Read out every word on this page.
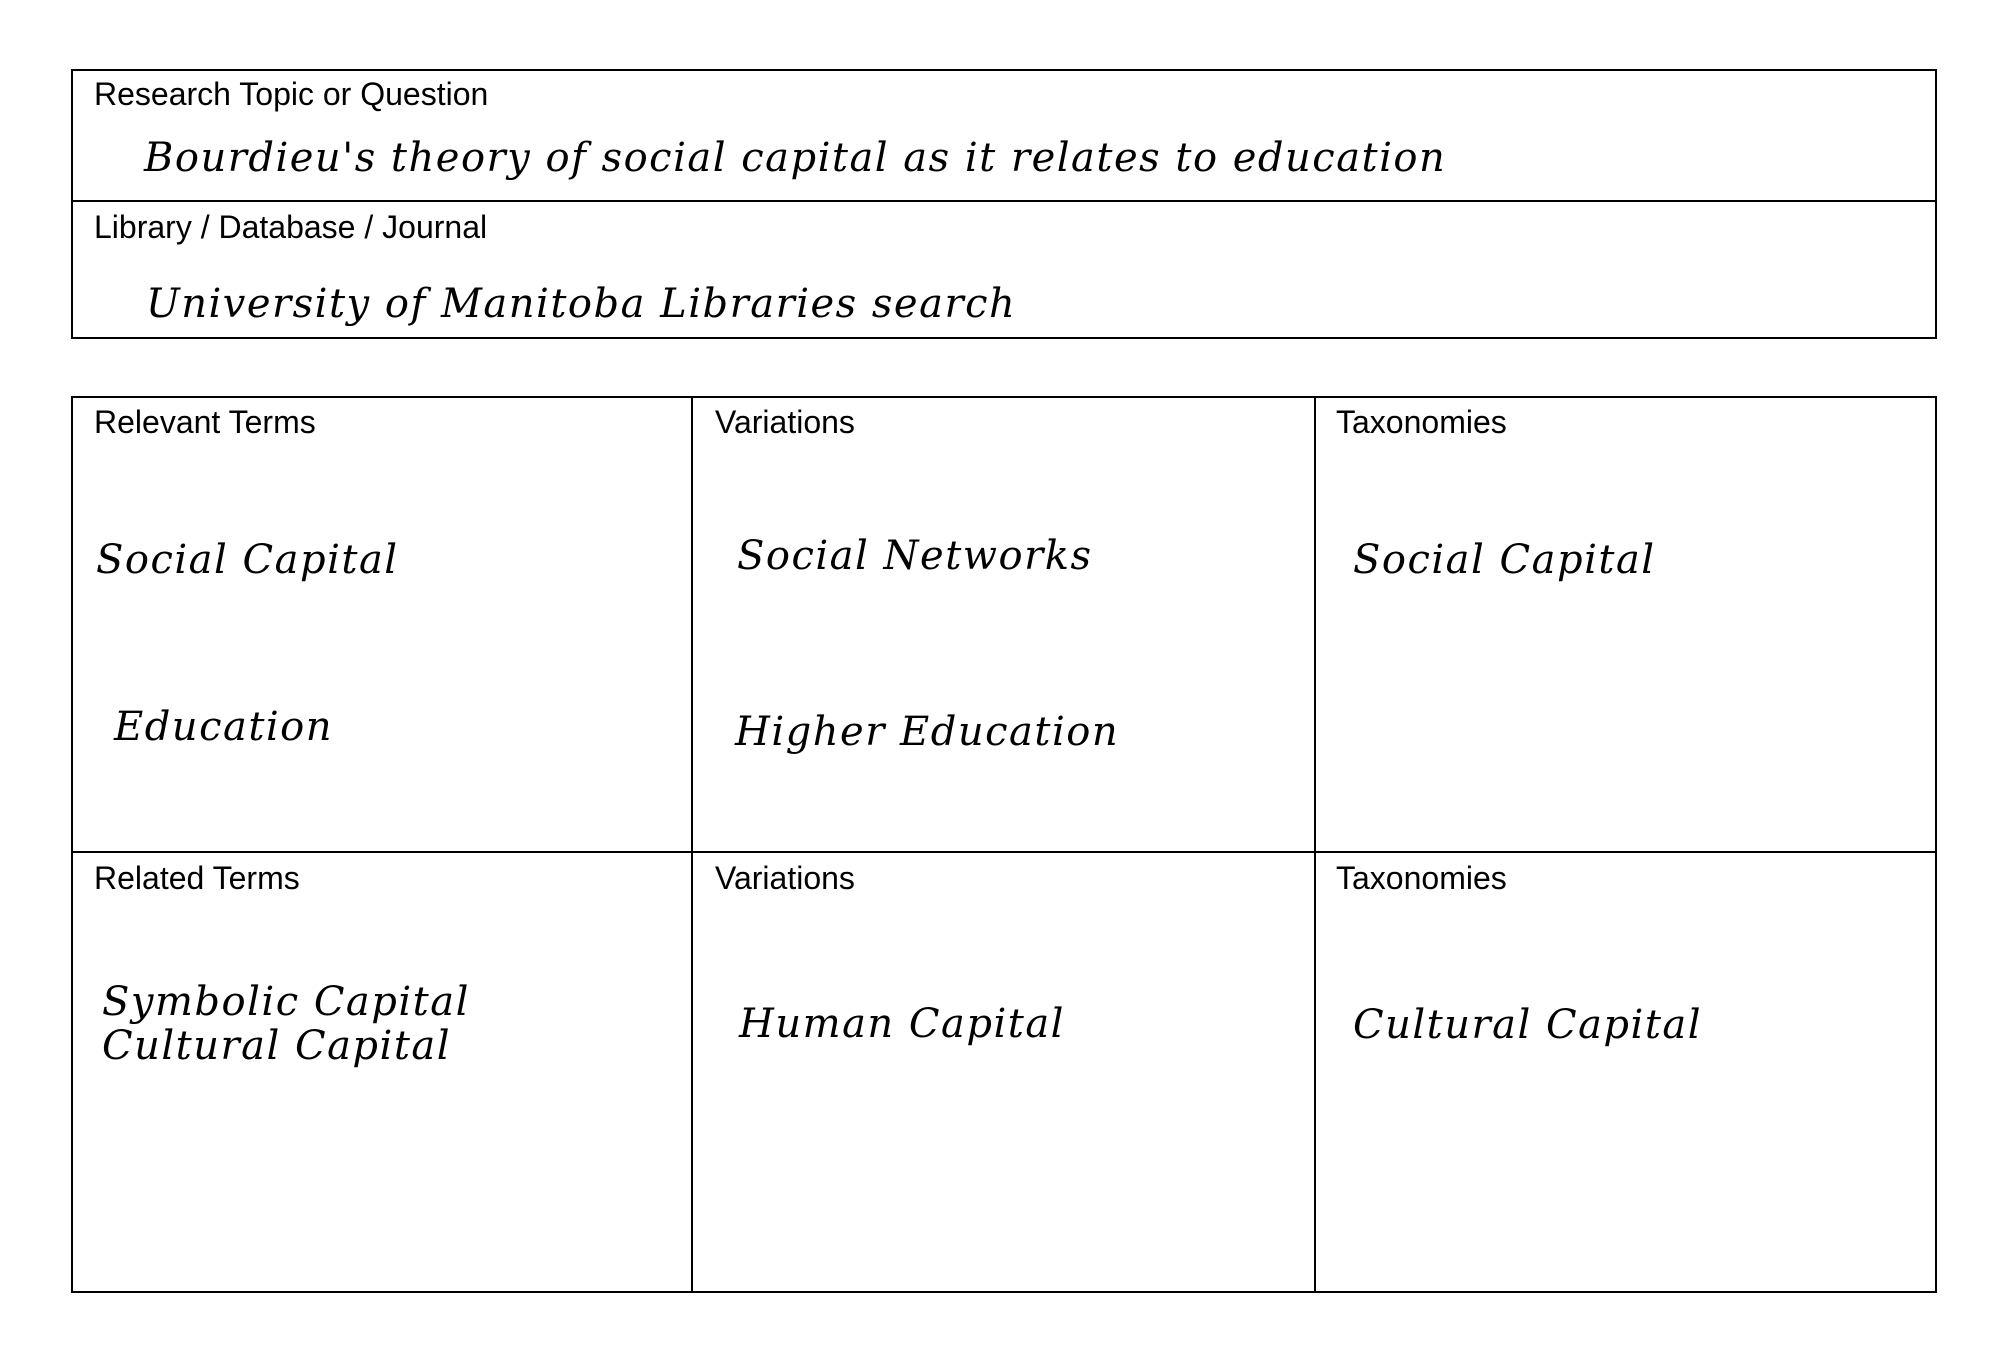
Research Topic or Question
Bourdieu's theory of social capital as it relates to education
Library / Database / Journal
University of Manitoba Libraries search
Relevant Terms
Social Capital
Education
Variations
Social Networks
Higher Education
Taxonomies
Social Capital
Related Terms
Symbolic Capital
Cultural Capital
Variations
Human Capital
Taxonomies
Cultural Capital
